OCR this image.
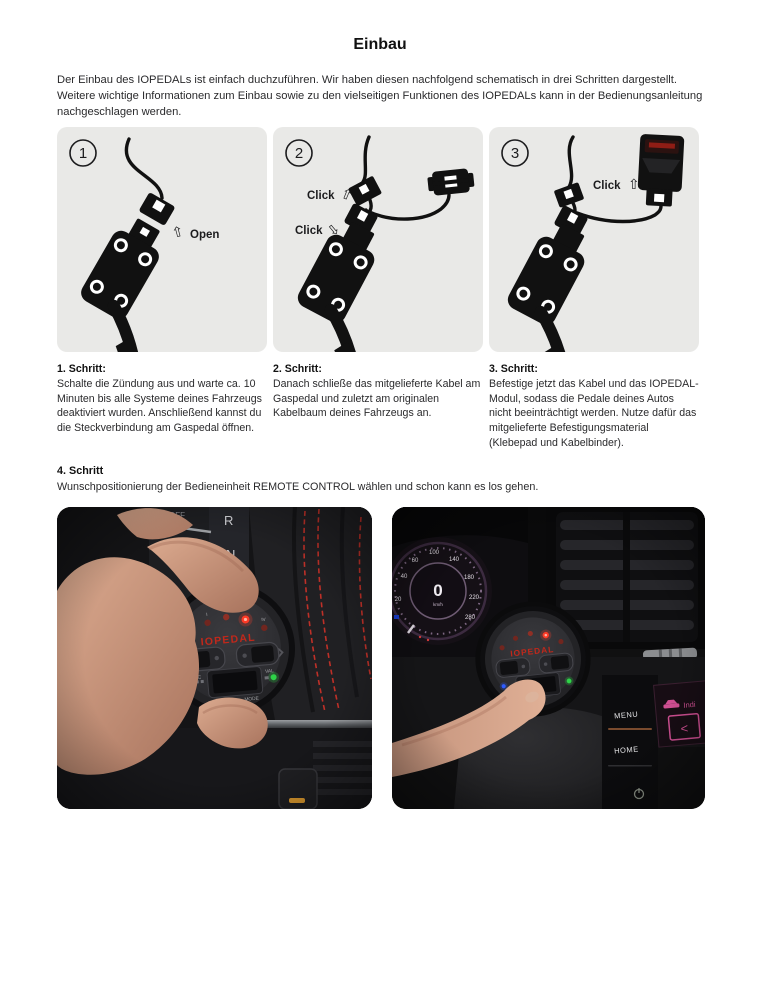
Einbau
Der Einbau des IOPEDALs ist einfach duchzuführen. Wir haben diesen nachfolgend schematisch in drei Schritten dargestellt. Weitere wichtige Informationen zum Einbau sowie zu den vielseitigen Funktionen des IOPEDALs kann in der Bedienungsanleitung nachgeschlagen werden.
1
⇧ Open
2
Click ⇧
Click ⇧
3
Click ⇧
1. Schritt:
Schalte die Zündung aus und warte ca. 10 Minuten bis alle Systeme deines Fahrzeugs deaktiviert wurden. Anschließend kannst du die Steckverbindung am Gaspedal öffnen.
2. Schritt:
Danach schließe das mitgelieferte Kabel am Gaspedal und zuletzt am originalen Kabelbaum deines Fahrzeugs an.
3. Schritt:
Befestige jetzt das Kabel und das IOPEDAL-Modul, sodass die Pedale deines Autos nicht beeinträchtigt werden. Nutze dafür das mitgelieferte Befestigungsmaterial (Klebepad und Kabelbinder).
4. Schritt
Wunschpositionierung der Bedieneinheit REMOTE CONTROL wählen und schon kann es los gehen.
